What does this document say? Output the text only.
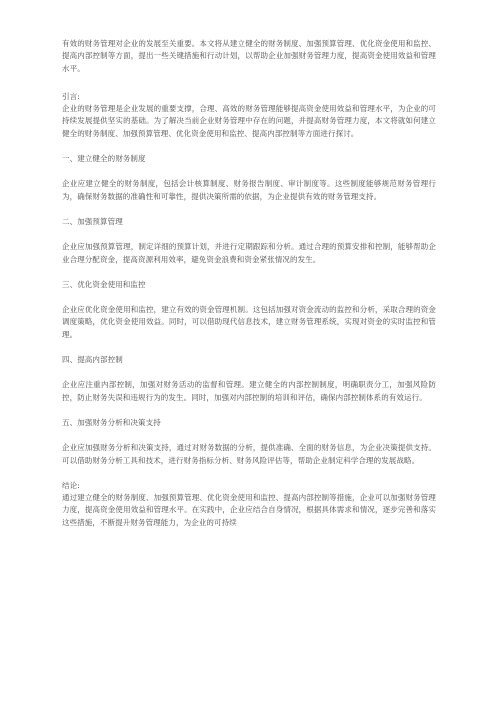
有效的财务管理对企业的发展至关重要。本文将从建立健全的财务制度、加强预算管理、优化资金使用和监控、提高内部控制等方面，提出一些关键措施和行动计划，以帮助企业加强财务管理力度，提高资金使用效益和管理水平。

引言:

企业的财务管理是企业发展的重要支撑，合理、高效的财务管理能够提高资金使用效益和管理水平，为企业的可持续发展提供坚实的基础。为了解决当前企业财务管理中存在的问题，并提高财务管理力度，本文将就如何建立健全的财务制度、加强预算管理、优化资金使用和监控、提高内部控制等方面进行探讨。

一、建立健全的财务制度

企业应建立健全的财务制度，包括会计核算制度、财务报告制度、审计制度等。这些制度能够规范财务管理行为，确保财务数据的准确性和可靠性，提供决策所需的依据，为企业提供有效的财务管理支持。

二、加强预算管理

企业应加强预算管理，制定详细的预算计划，并进行定期跟踪和分析。通过合理的预算安排和控制，能够帮助企业合理分配资金，提高资源利用效率，避免资金浪费和资金紧张情况的发生。

三、优化资金使用和监控

企业应优化资金使用和监控，建立有效的资金管理机制。这包括加强对资金流动的监控和分析，采取合理的资金调度策略，优化资金使用效益。同时，可以借助现代信息技术，建立财务管理系统，实现对资金的实时监控和管理。

四、提高内部控制

企业应注重内部控制，加强对财务活动的监督和管理。建立健全的内部控制制度，明确职责分工，加强风险防控，防止财务失误和违规行为的发生。同时，加强对内部控制的培训和评估，确保内部控制体系的有效运行。

五、加强财务分析和决策支持

企业应加强财务分析和决策支持，通过对财务数据的分析，提供准确、全面的财务信息，为企业决策提供支持。可以借助财务分析工具和技术，进行财务指标分析、财务风险评估等，帮助企业制定科学合理的发展战略。

结论:

通过建立健全的财务制度、加强预算管理、优化资金使用和监控、提高内部控制等措施，企业可以加强财务管理力度，提高资金使用效益和管理水平。在实践中，企业应结合自身情况，根据具体需求和情况，逐步完善和落实这些措施，不断提升财务管理能力，为企业的可持续
